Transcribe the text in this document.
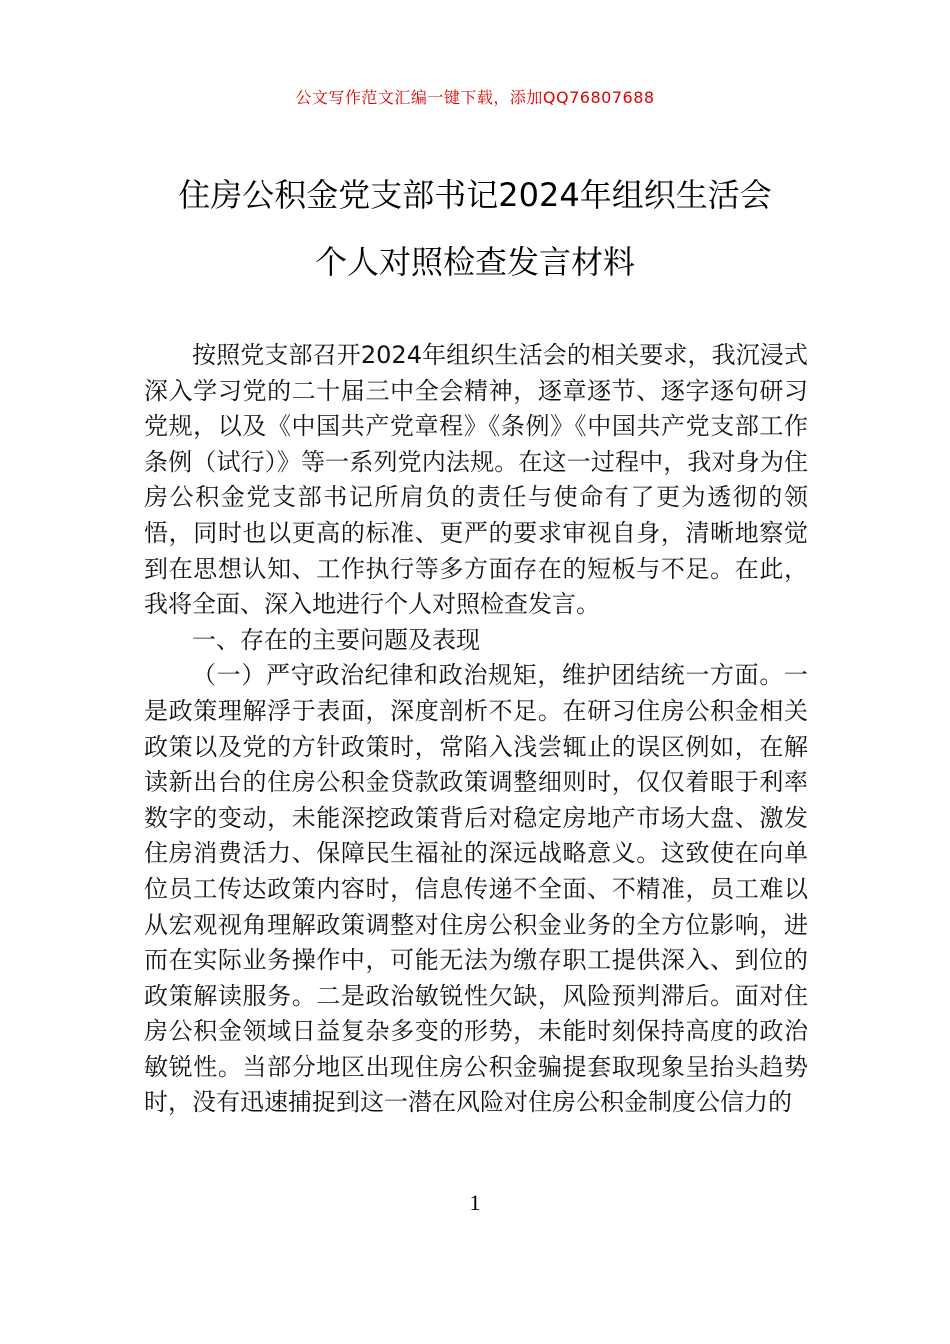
公文写作范文汇编一键下载，添加QQ76807688
住房公积金党支部书记2024年组织生活会
个人对照检查发言材料

按照党支部召开2024年组织生活会的相关要求，我沉浸式深入学习党的二十届三中全会精神，逐章逐节、逐字逐句研习党规，以及《中国共产党章程》《条例》《中国共产党支部工作条例（试行）》等一系列党内法规。在这一过程中，我对身为住房公积金党支部书记所肩负的责任与使命有了更为透彻的领悟，同时也以更高的标准、更严的要求审视自身，清晰地察觉到在思想认知、工作执行等多方面存在的短板与不足。在此，我将全面、深入地进行个人对照检查发言。

一、存在的主要问题及表现

（一）严守政治纪律和政治规矩，维护团结统一方面。一是政策理解浮于表面，深度剖析不足。在研习住房公积金相关政策以及党的方针政策时，常陷入浅尝辄止的误区例如，在解读新出台的住房公积金贷款政策调整细则时，仅仅着眼于利率数字的变动，未能深挖政策背后对稳定房地产市场大盘、激发住房消费活力、保障民生福祉的深远战略意义。这致使在向单位员工传达政策内容时，信息传递不全面、不精准，员工难以从宏观视角理解政策调整对住房公积金业务的全方位影响，进而在实际业务操作中，可能无法为缴存职工提供深入、到位的政策解读服务。二是政治敏锐性欠缺，风险预判滞后。面对住房公积金领域日益复杂多变的形势，未能时刻保持高度的政治敏锐性。当部分地区出现住房公积金骗提套取现象呈抬头趋势时，没有迅速捕捉到这一潜在风险对住房公积金制度公信力的

1
